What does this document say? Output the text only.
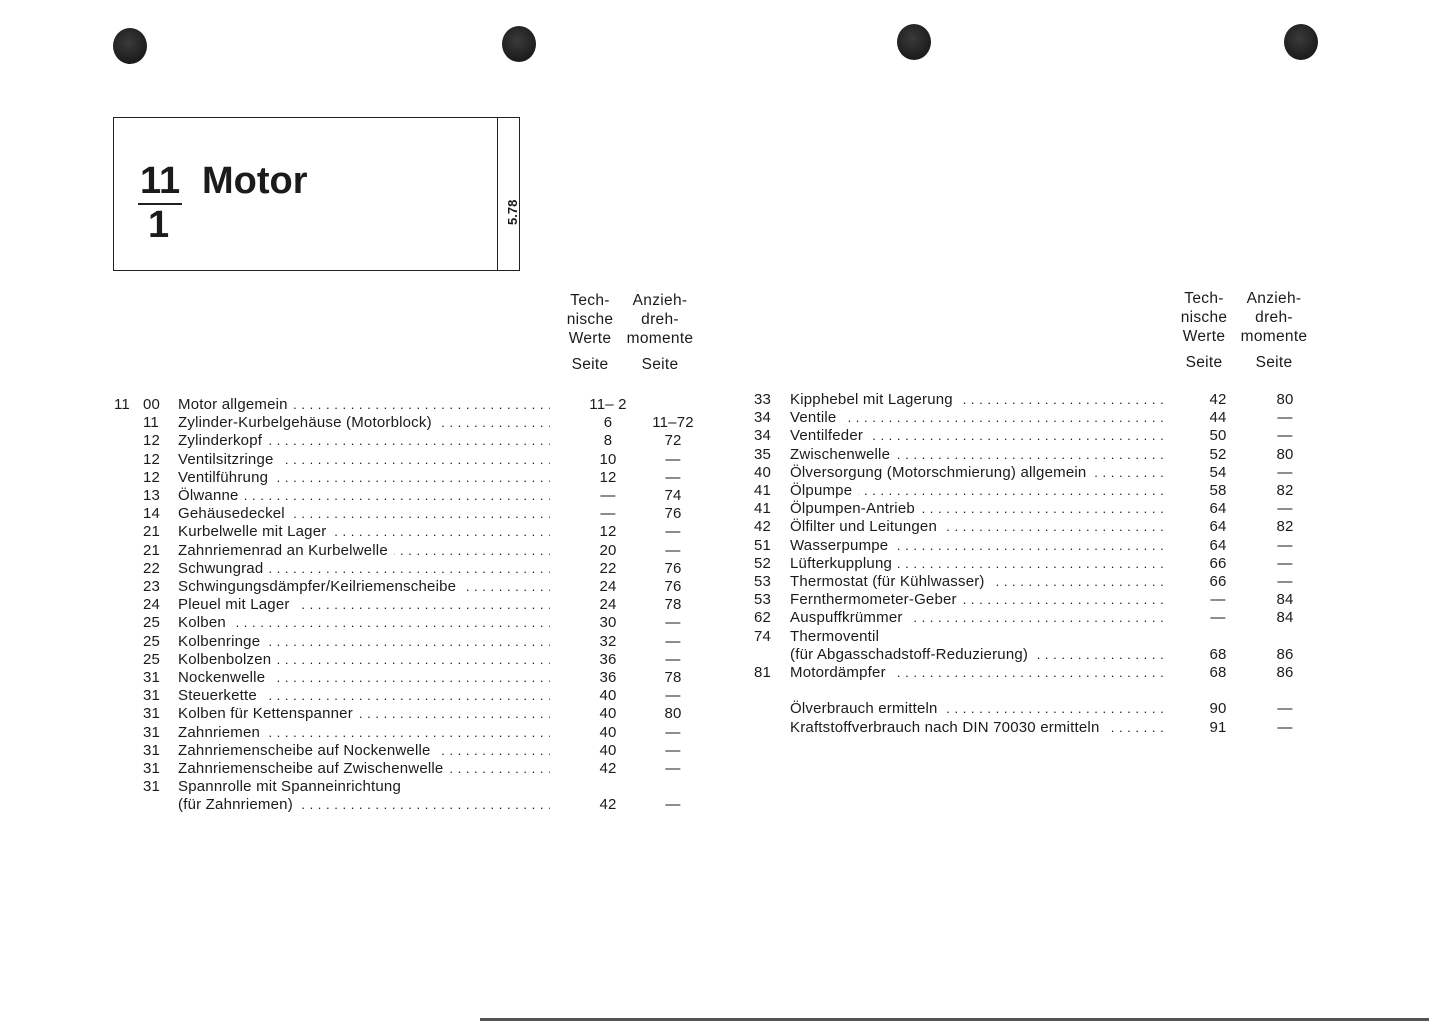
11
1
Motor
5.78
Tech-
nische
Werte
Seite
Anzieh-
dreh-
momente
Seite
Tech-
nische
Werte
Seite
Anzieh-
dreh-
momente
Seite
11 00 Motor allgemein . . .	11– 2
11 Zylinder-Kurbelgehäuse (Motorblock) . . .	6	11–72
12 Zylinderkopf . . .	8	72
12 Ventilsitzringe . . .	10	—
12 Ventilführung . . .	12	—
13 Ölwanne . . .	—	74
14 Gehäusedeckel . . .	—	76
21 Kurbelwelle mit Lager . . .	12	—
21 Zahnriemenrad an Kurbelwelle . . .	20	—
22 Schwungrad . . .	22	76
23 Schwingungsdämpfer/Keilriemenscheibe . . .	24	76
24 Pleuel mit Lager . . .	24	78
25 Kolben . . .	30	—
25 Kolbenringe . . .	32	—
25 Kolbenbolzen . . .	36	—
31 Nockenwelle . . .	36	78
31 Steuerkette . . .	40	—
31 Kolben für Kettenspanner . . .	40	80
31 Zahnriemen . . .	40	—
31 Zahnriemenscheibe auf Nockenwelle . . .	40	—
31 Zahnriemenscheibe auf Zwischenwelle . . .	42	—
31 Spannrolle mit Spanneinrichtung
(für Zahnriemen) . . .	42	—
33 Kipphebel mit Lagerung . . .	42	80
34 Ventile . . .	44	—
34 Ventilfeder . . .	50	—
35 Zwischenwelle . . .	52	80
40 Ölversorgung (Motorschmierung) allgemein . . .	54	—
41 Ölpumpe . . .	58	82
41 Ölpumpen-Antrieb . . .	64	—
42 Ölfilter und Leitungen . . .	64	82
51 Wasserpumpe . . .	64	—
52 Lüfterkupplung . . .	66	—
53 Thermostat (für Kühlwasser) . . .	66	—
53 Fernthermometer-Geber . . .	—	84
62 Auspuffkrümmer . . .	—	84
74 Thermoventil
(für Abgasschadstoff-Reduzierung) . . .	68	86
81 Motordämpfer . . .	68	86
Ölverbrauch ermitteln . . .	90	—
Kraftstoffverbrauch nach DIN 70030 ermitteln . . .	91	—
